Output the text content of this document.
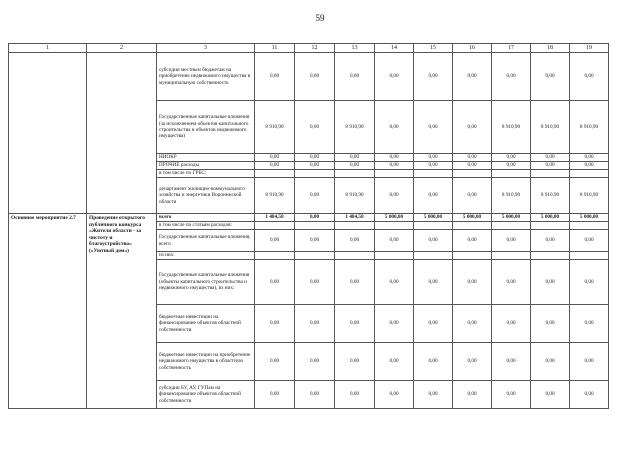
59
1	2	3	11	12	13	14	15	16	17	18	19
		субсидии местным бюджетам на приобретение недвижимого имущества в муниципальную собственность	0,00	0,00	0,00	0,00	0,00	0,00	0,00	0,00	0,00
		Государственные капитальные вложения (за исключением объектов капитального строительства и объектов недвижимого имущества)	8 910,90	0,00	8 910,90	0,00	0,00	0,00	8 910,90	8 910,90	8 910,90
		НИОКР	0,00	0,00	0,00	0,00	0,00	0,00	0,00	0,00	0,00
		ПРОЧИЕ расходы	0,00	0,00	0,00	0,00	0,00	0,00	0,00	0,00	0,00
		в том числе по ГРБС:									
		департамент жилищно-коммунального хозяйства и энергетики Воронежской области	8 910,90	0,00	8 910,90	0,00	0,00	0,00	8 910,90	8 910,90	8 910,90
Основное мероприятие 2.7	Проведение открытого публичного конкурса «Жители области - за чистоту и благоустройство» («Уютный дом»)	всего	1 484,50	0,00	1 484,50	5 000,00	5 000,00	5 000,00	5 000,00	5 000,00	5 000,00
		в том числе по статьям расходов:									
		Государственные капитальные вложения, всего	0,00	0,00	0,00	0,00	0,00	0,00	0,00	0,00	0,00
		из них:									
		Государственные капитальные вложения (объекты капитального строительства и недвижимого имущества), из них:	0,00	0,00	0,00	0,00	0,00	0,00	0,00	0,00	0,00
		бюджетные инвестиции на финансирование объектов областной собственности	0,00	0,00	0,00	0,00	0,00	0,00	0,00	0,00	0,00
		бюджетные инвестиции на приобретение недвижимого имущества в областную собственность	0,00	0,00	0,00	0,00	0,00	0,00	0,00	0,00	0,00
		субсидии БУ, АУ, ГУПам на финансирование объектов областной собственности	0,00	0,00	0,00	0,00	0,00	0,00	0,00	0,00	0,00
